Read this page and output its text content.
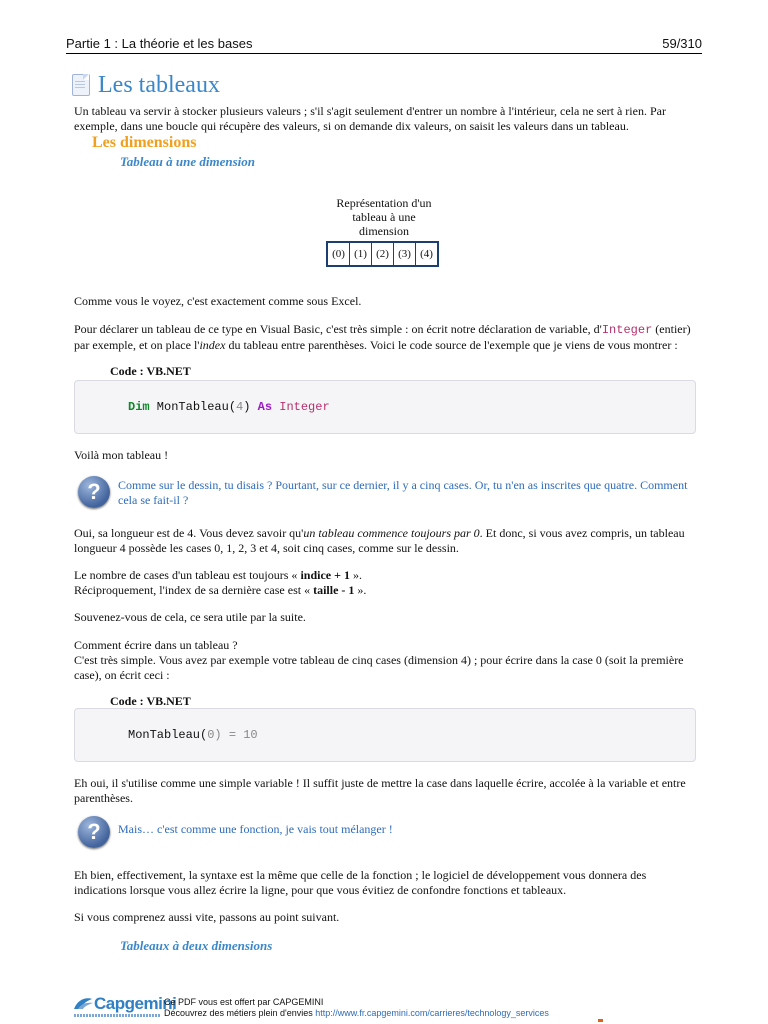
Partie 1 : La théorie et les bases	59/310
Les tableaux

Un tableau va servir à stocker plusieurs valeurs ; s'il s'agit seulement d'entrer un nombre à l'intérieur, cela ne sert à rien. Par exemple, dans une boucle qui récupère des valeurs, si on demande dix valeurs, on saisit les valeurs dans un tableau.

Les dimensions
Tableau à une dimension
Représentation d'un tableau à une dimension
(0) (1) (2) (3) (4)

Comme vous le voyez, c'est exactement comme sous Excel.

Pour déclarer un tableau de ce type en Visual Basic, c'est très simple : on écrit notre déclaration de variable, d'Integer (entier) par exemple, et on place l'index du tableau entre parenthèses. Voici le code source de l'exemple que je viens de vous montrer :

Code : VB.NET
Dim MonTableau(4) As Integer

Voilà mon tableau !

?	Comme sur le dessin, tu disais ? Pourtant, sur ce dernier, il y a cinq cases. Or, tu n'en as inscrites que quatre. Comment cela se fait-il ?

Oui, sa longueur est de 4. Vous devez savoir qu'un tableau commence toujours par 0. Et donc, si vous avez compris, un tableau longueur 4 possède les cases 0, 1, 2, 3 et 4, soit cinq cases, comme sur le dessin.

Le nombre de cases d'un tableau est toujours « indice + 1 ».

Réciproquement, l'index de sa dernière case est « taille - 1 ».

Souvenez-vous de cela, ce sera utile par la suite.

Comment écrire dans un tableau ?

C'est très simple. Vous avez par exemple votre tableau de cinq cases (dimension 4) ; pour écrire dans la case 0 (soit la première case), on écrit ceci :

Code : VB.NET
MonTableau(0) = 10

Eh oui, il s'utilise comme une simple variable ! Il suffit juste de mettre la case dans laquelle écrire, accolée à la variable et entre parenthèses.

?	Mais… c'est comme une fonction, je vais tout mélanger !

Eh bien, effectivement, la syntaxe est la même que celle de la fonction ; le logiciel de développement vous donnera des indications lorsque vous allez écrire la ligne, pour que vous évitiez de confondre fonctions et tableaux.

Si vous comprenez aussi vite, passons au point suivant.

Tableaux à deux dimensions
Capgemini
Ce PDF vous est offert par CAPGEMINI
Découvrez des métiers plein d'envies http://www.fr.capgemini.com/carrieres/technology_services
